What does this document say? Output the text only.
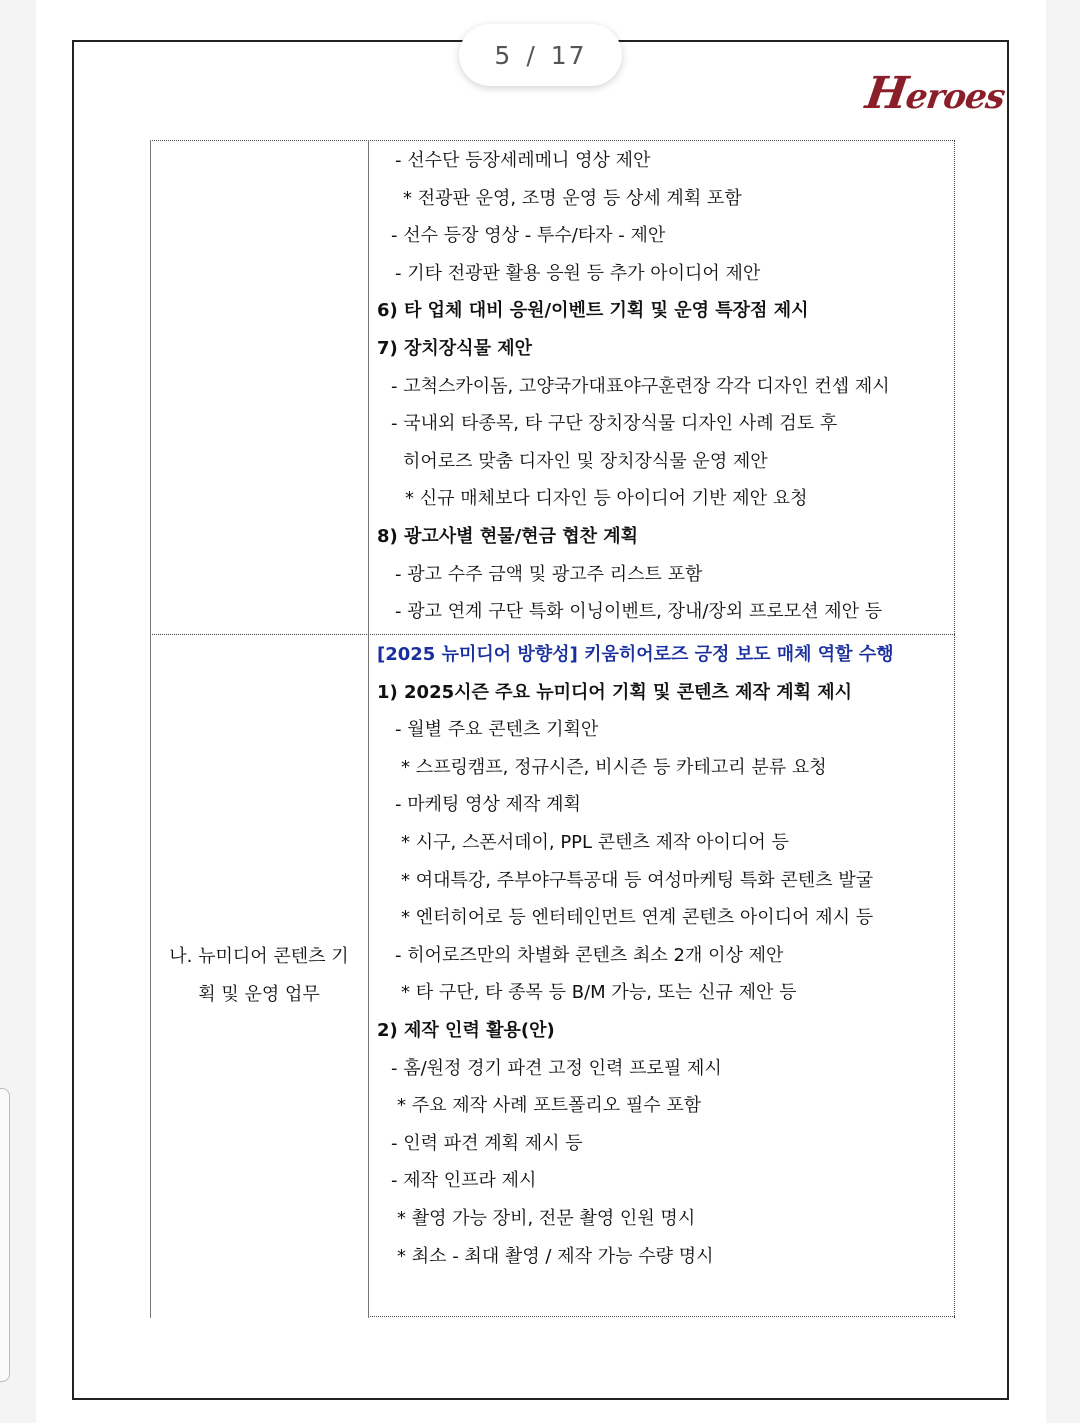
5 / 17
Heroes
나. 뉴미디어 콘텐츠 기
획 및 운영 업무
- 선수단 등장세레메니 영상 제안
* 전광판 운영, 조명 운영 등 상세 계획 포함
- 선수 등장 영상 - 투수/타자 - 제안
- 기타 전광판 활용 응원 등 추가 아이디어 제안
6) 타 업체 대비 응원/이벤트 기획 및 운영 특장점 제시
7) 장치장식물 제안
- 고척스카이돔, 고양국가대표야구훈련장 각각 디자인 컨셉 제시
- 국내외 타종목, 타 구단 장치장식물 디자인 사례 검토 후
히어로즈 맞춤 디자인 및 장치장식물 운영 제안
* 신규 매체보다 디자인 등 아이디어 기반 제안 요청
8) 광고사별 현물/현금 협찬 계획
- 광고 수주 금액 및 광고주 리스트 포함
- 광고 연계 구단 특화 이닝이벤트, 장내/장외 프로모션 제안 등
[2025 뉴미디어 방향성] 키움히어로즈 긍정 보도 매체 역할 수행
1) 2025시즌 주요 뉴미디어 기획 및 콘텐츠 제작 계획 제시
- 월별 주요 콘텐츠 기획안
* 스프링캠프, 정규시즌, 비시즌 등 카테고리 분류 요청
- 마케팅 영상 제작 계획
* 시구, 스폰서데이, PPL 콘텐츠 제작 아이디어 등
* 여대특강, 주부야구특공대 등 여성마케팅 특화 콘텐츠 발굴
* 엔터히어로 등 엔터테인먼트 연계 콘텐츠 아이디어 제시 등
- 히어로즈만의 차별화 콘텐츠 최소 2개 이상 제안
* 타 구단, 타 종목 등 B/M 가능, 또는 신규 제안 등
2) 제작 인력 활용(안)
- 홈/원정 경기 파견 고정 인력 프로필 제시
* 주요 제작 사례 포트폴리오 필수 포함
- 인력 파견 계획 제시 등
- 제작 인프라 제시
* 촬영 가능 장비, 전문 촬영 인원 명시
* 최소 - 최대 촬영 / 제작 가능 수량 명시
